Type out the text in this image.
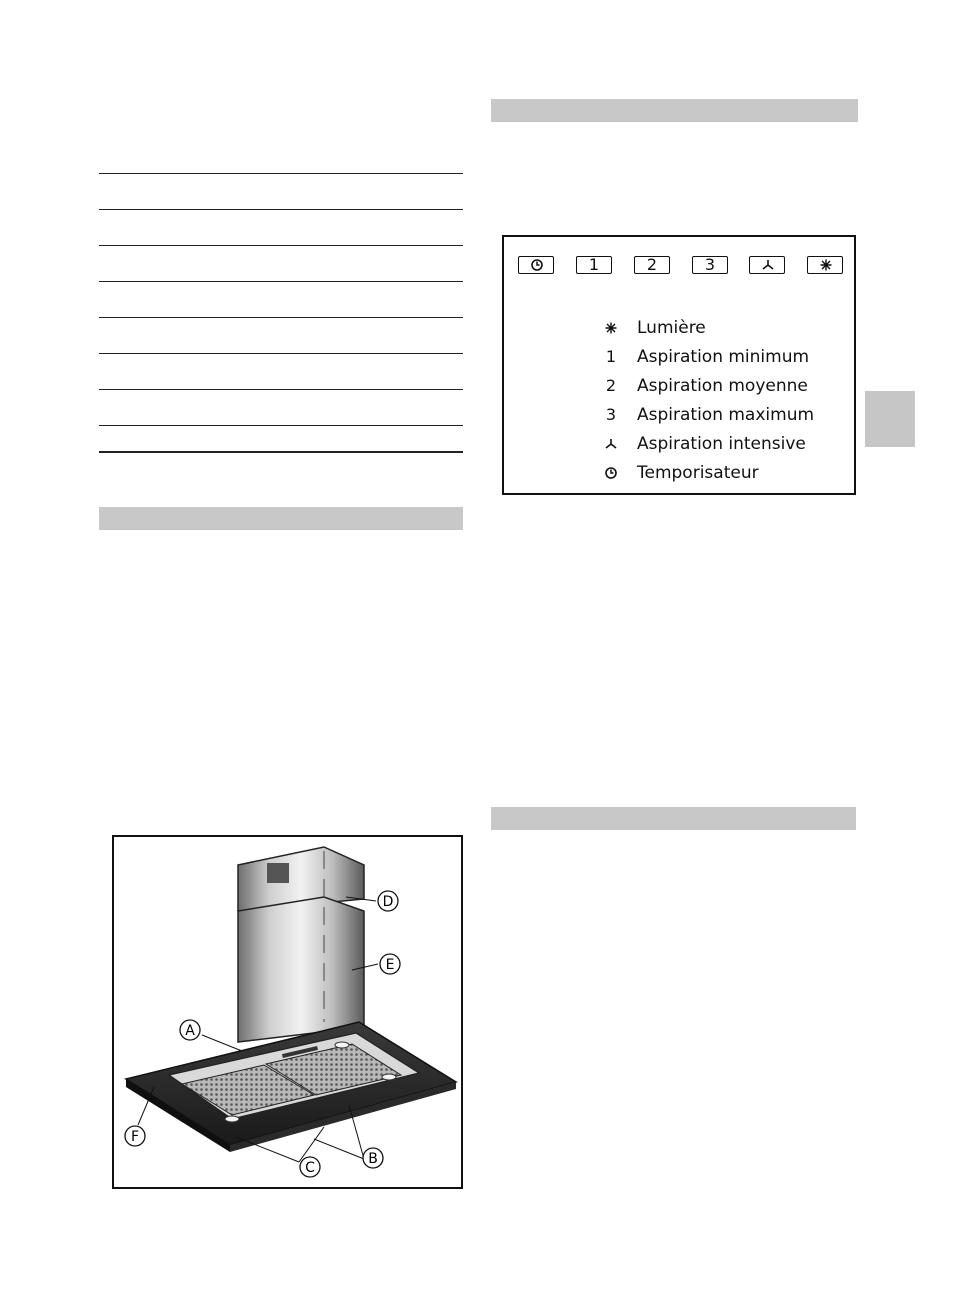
1	2	3
Lumière
1 Aspiration minimum
2 Aspiration moyenne
3 Aspiration maximum
Aspiration intensive
Temporisateur
A
D
E
F
B
C
